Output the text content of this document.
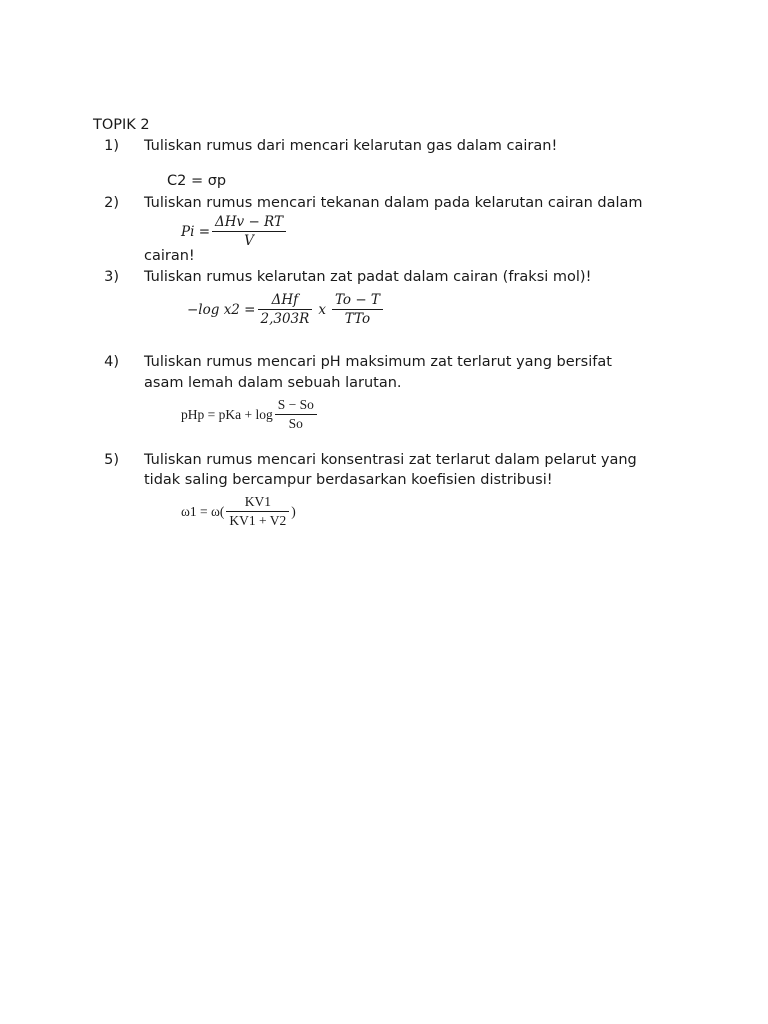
TOPIK 2
1) Tuliskan rumus dari mencari kelarutan gas dalam cairan!
C2 = σp
2) Tuliskan rumus mencari tekanan dalam pada kelarutan cairan dalam
$Pi = \frac{\text{ΔHv − RT}}{V}$
cairan!
3) Tuliskan rumus kelarutan zat padat dalam cairan (fraksi mol)!
−log $x2 = \frac{\text{ΔHf}}{2,303R}$ x $\frac{To - T}{\text{TTo}}$
4) Tuliskan rumus mencari pH maksimum zat terlarut yang bersifat
asam lemah dalam sebuah larutan.
pHp = pKa + $\log \frac{S - So}{So}$
5) Tuliskan rumus mencari konsentrasi zat terlarut dalam pelarut yang
tidak saling bercampur berdasarkan koefisien distribusi!
$\omega 1 = \omega( \frac{KV1}{KV1 + V2}$ )
